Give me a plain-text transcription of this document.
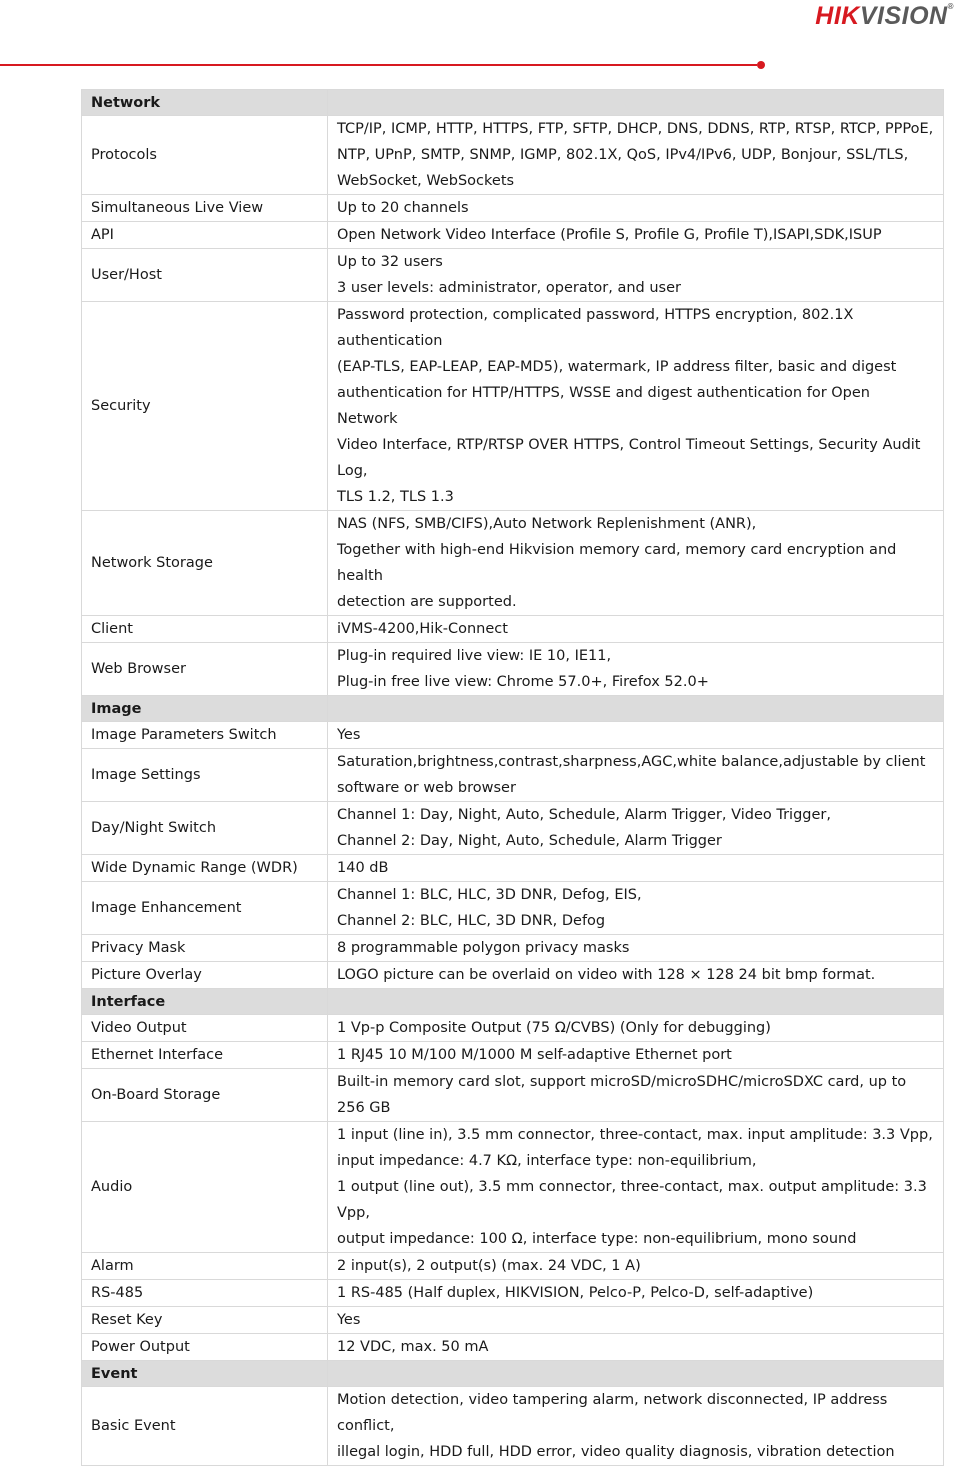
HIKVISION®
Network	
Protocols	TCP/IP, ICMP, HTTP, HTTPS, FTP, SFTP, DHCP, DNS, DDNS, RTP, RTSP, RTCP, PPPoE,
NTP, UPnP, SMTP, SNMP, IGMP, 802.1X, QoS, IPv4/IPv6, UDP, Bonjour, SSL/TLS,
WebSocket, WebSockets

Simultaneous Live View	Up to 20 channels

API	Open Network Video Interface (Profile S, Profile G, Profile T),ISAPI,SDK,ISUP

User/Host	Up to 32 users
3 user levels: administrator, operator, and user

Security	Password protection, complicated password, HTTPS encryption, 802.1X authentication
(EAP-TLS, EAP-LEAP, EAP-MD5), watermark, IP address filter, basic and digest
authentication for HTTP/HTTPS, WSSE and digest authentication for Open Network
Video Interface, RTP/RTSP OVER HTTPS, Control Timeout Settings, Security Audit Log,
TLS 1.2, TLS 1.3

Network Storage	NAS (NFS, SMB/CIFS),Auto Network Replenishment (ANR),
Together with high-end Hikvision memory card, memory card encryption and health
detection are supported.

Client	iVMS-4200,Hik-Connect

Web Browser	Plug-in required live view: IE 10, IE11,
Plug-in free live view: Chrome 57.0+, Firefox 52.0+

Image	
Image Parameters Switch	Yes

Image Settings	Saturation,brightness,contrast,sharpness,AGC,white balance,adjustable by client
software or web browser

Day/Night Switch	Channel 1: Day, Night, Auto, Schedule, Alarm Trigger, Video Trigger,
Channel 2: Day, Night, Auto, Schedule, Alarm Trigger

Wide Dynamic Range (WDR)	140 dB

Image Enhancement	Channel 1: BLC, HLC, 3D DNR, Defog, EIS,
Channel 2: BLC, HLC, 3D DNR, Defog

Privacy Mask	8 programmable polygon privacy masks

Picture Overlay	LOGO picture can be overlaid on video with 128 × 128 24 bit bmp format.

Interface	
Video Output	1 Vp-p Composite Output (75 Ω/CVBS) (Only for debugging)

Ethernet Interface	1 RJ45 10 M/100 M/1000 M self-adaptive Ethernet port

On-Board Storage	Built-in memory card slot, support microSD/microSDHC/microSDXC card, up to 256 GB

Audio	1 input (line in), 3.5 mm connector, three-contact, max. input amplitude: 3.3 Vpp,
input impedance: 4.7 KΩ, interface type: non-equilibrium,
1 output (line out), 3.5 mm connector, three-contact, max. output amplitude: 3.3 Vpp,
output impedance: 100 Ω, interface type: non-equilibrium, mono sound

Alarm	2 input(s), 2 output(s) (max. 24 VDC, 1 A)

RS-485	1 RS-485 (Half duplex, HIKVISION, Pelco-P, Pelco-D, self-adaptive)

Reset Key	Yes

Power Output	12 VDC, max. 50 mA

Event	
Basic Event	Motion detection, video tampering alarm, network disconnected, IP address conflict,
illegal login, HDD full, HDD error, video quality diagnosis, vibration detection
